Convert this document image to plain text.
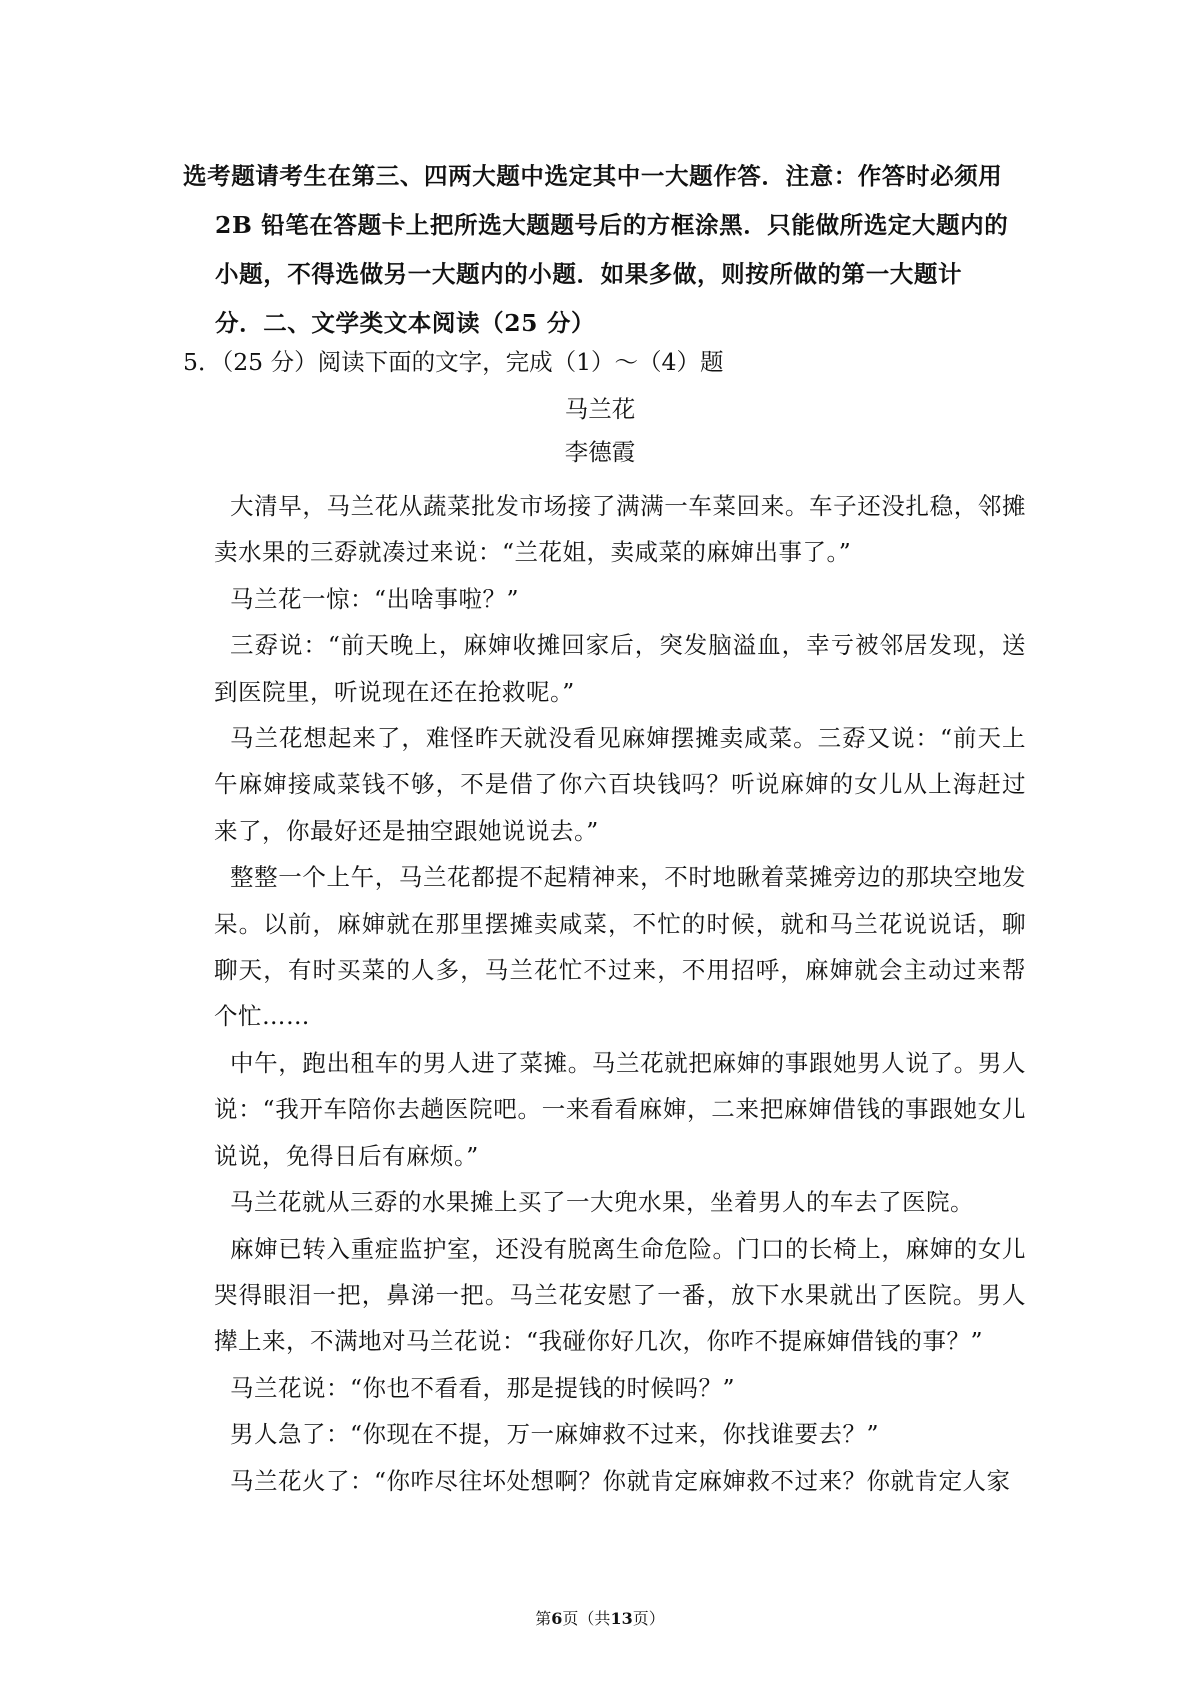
选考题请考生在第三、四两大题中选定其中一大题作答．注意：作答时必须用

2B 铅笔在答题卡上把所选大题题号后的方框涂黑．只能做所选定大题内的

小题，不得选做另一大题内的小题．如果多做，则按所做的第一大题计

分．二、文学类文本阅读（25 分）

5．（25 分）阅读下面的文字，完成（1）～（4）题
马兰花
李德霞

大清早，马兰花从蔬菜批发市场接了满满一车菜回来。车子还没扎稳，邻摊卖水果的三孬就凑过来说：“兰花姐，卖咸菜的麻婶出事了。”

马兰花一惊：“出啥事啦？”

三孬说：“前天晚上，麻婶收摊回家后，突发脑溢血，幸亏被邻居发现，送到医院里，听说现在还在抢救呢。”

马兰花想起来了，难怪昨天就没看见麻婶摆摊卖咸菜。三孬又说：“前天上午麻婶接咸菜钱不够，不是借了你六百块钱吗？听说麻婶的女儿从上海赶过来了，你最好还是抽空跟她说说去。”

整整一个上午，马兰花都提不起精神来，不时地瞅着菜摊旁边的那块空地发呆。以前，麻婶就在那里摆摊卖咸菜，不忙的时候，就和马兰花说说话，聊聊天，有时买菜的人多，马兰花忙不过来，不用招呼，麻婶就会主动过来帮个忙……

中午，跑出租车的男人进了菜摊。马兰花就把麻婶的事跟她男人说了。男人说：“我开车陪你去趟医院吧。一来看看麻婶，二来把麻婶借钱的事跟她女儿说说，免得日后有麻烦。”

马兰花就从三孬的水果摊上买了一大兜水果，坐着男人的车去了医院。

麻婶已转入重症监护室，还没有脱离生命危险。门口的长椅上，麻婶的女儿哭得眼泪一把，鼻涕一把。马兰花安慰了一番，放下水果就出了医院。男人撵上来，不满地对马兰花说：“我碰你好几次，你咋不提麻婶借钱的事？”

马兰花说：“你也不看看，那是提钱的时候吗？”

男人急了：“你现在不提，万一麻婶救不过来，你找谁要去？”

马兰花火了：“你咋尽往坏处想啊？你就肯定麻婶救不过来？你就肯定人家

第6页（共13页）
